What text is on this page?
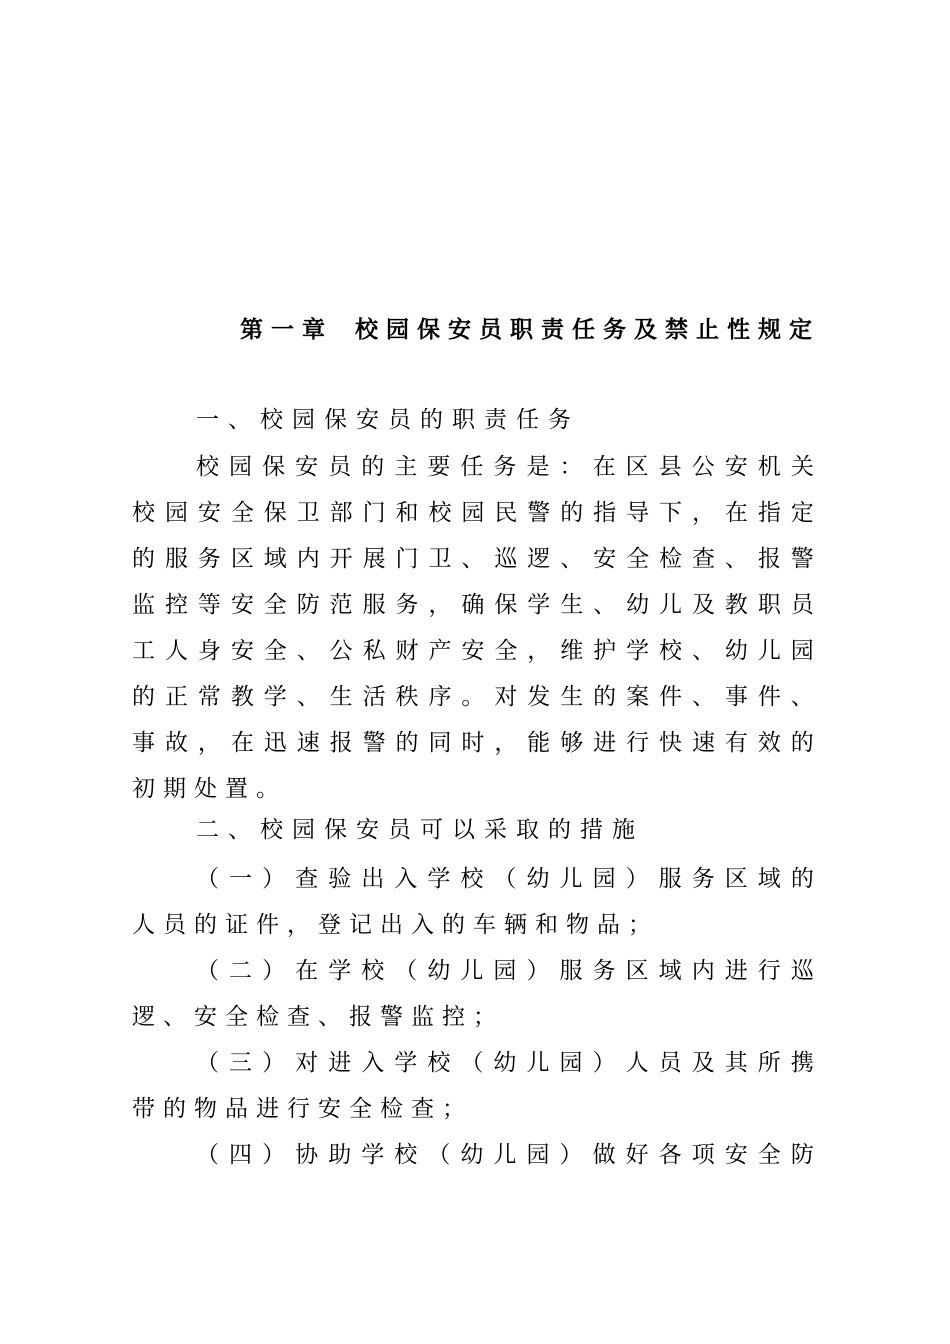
第一章 校园保安员职责任务及禁止性规定
一、校园保安员的职责任务
校 园 保 安 员 的 主 要 任 务 是 ： 在 区 县 公 安 机 关
校 园 安 全 保 卫 部 门 和 校 园 民 警 的 指 导 下 ， 在 指 定
的 服 务 区 域 内 开 展 门 卫 、 巡 逻 、 安 全 检 查 、 报 警
监 控 等 安 全 防 范 服 务 ， 确 保 学 生 、 幼 儿 及 教 职 员
工 人 身 安 全 、 公 私 财 产 安 全 ， 维 护 学 校 、 幼 儿 园
的 正 常 教 学 、 生 活 秩 序 。 对 发 生 的 案 件 、 事 件 、
事 故 ， 在 迅 速 报 警 的 同 时 ， 能 够 进 行 快 速 有 效 的
初期处置。
二、校园保安员可以采取的措施
（ 一 ） 查 验 出 入 学 校 （ 幼 儿 园 ） 服 务 区 域 的
人员的证件，登记出入的车辆和物品；
（ 二 ） 在 学 校 （ 幼 儿 园 ） 服 务 区 域 内 进 行 巡
逻、安全检查、报警监控；
（ 三 ） 对 进 入 学 校 （ 幼 儿 园 ） 人 员 及 其 所 携
带的物品进行安全检查；
（ 四 ） 协 助 学 校 （ 幼 儿 园 ） 做 好 各 项 安 全 防
